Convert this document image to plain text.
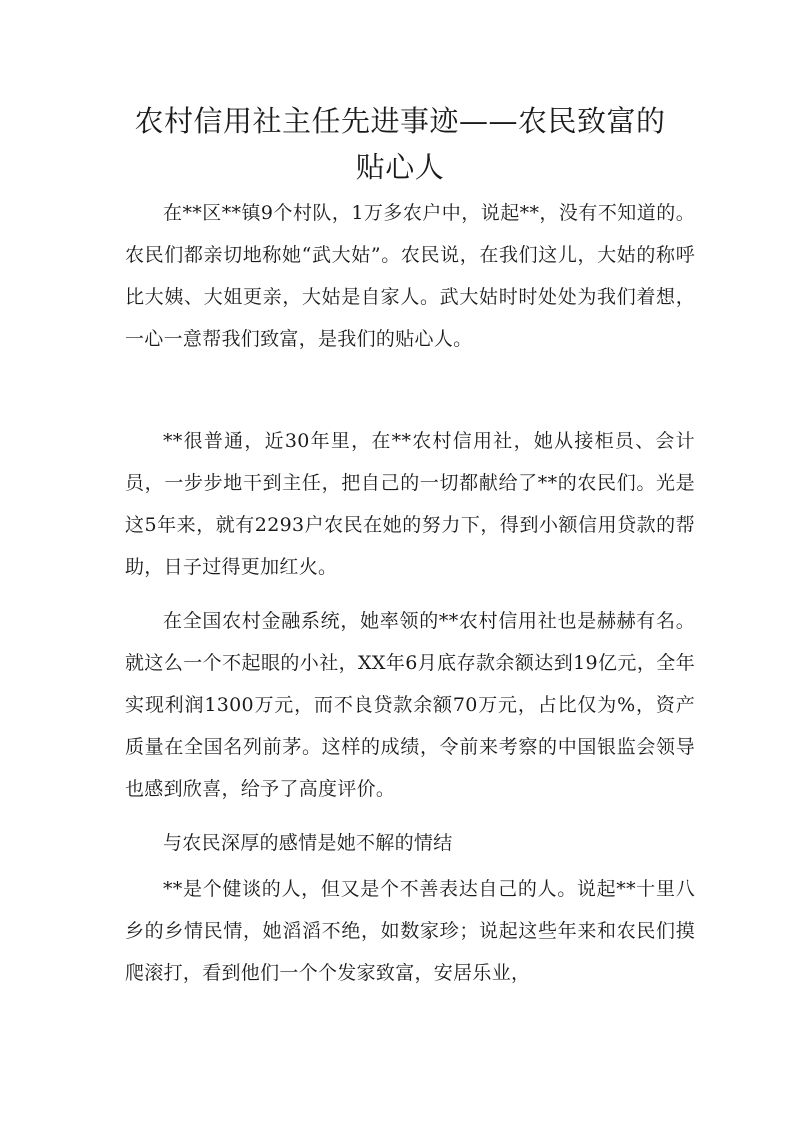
农村信用社主任先进事迹——农民致富的
贴心人

在**区**镇9个村队，1万多农户中，说起**，没有不知道的。农民们都亲切地称她“武大姑”。农民说，在我们这儿，大姑的称呼比大姨、大姐更亲，大姑是自家人。武大姑时时处处为我们着想，一心一意帮我们致富，是我们的贴心人。

**很普通，近30年里，在**农村信用社，她从接柜员、会计员，一步步地干到主任，把自己的一切都献给了**的农民们。光是这5年来，就有2293户农民在她的努力下，得到小额信用贷款的帮助，日子过得更加红火。

在全国农村金融系统，她率领的**农村信用社也是赫赫有名。就这么一个不起眼的小社，XX年6月底存款余额达到19亿元，全年实现利润1300万元，而不良贷款余额70万元，占比仅为%，资产质量在全国名列前茅。这样的成绩，令前来考察的中国银监会领导也感到欣喜，给予了高度评价。

与农民深厚的感情是她不解的情结

**是个健谈的人，但又是个不善表达自己的人。说起**十里八乡的乡情民情，她滔滔不绝，如数家珍；说起这些年来和农民们摸爬滚打，看到他们一个个发家致富，安居乐业，
